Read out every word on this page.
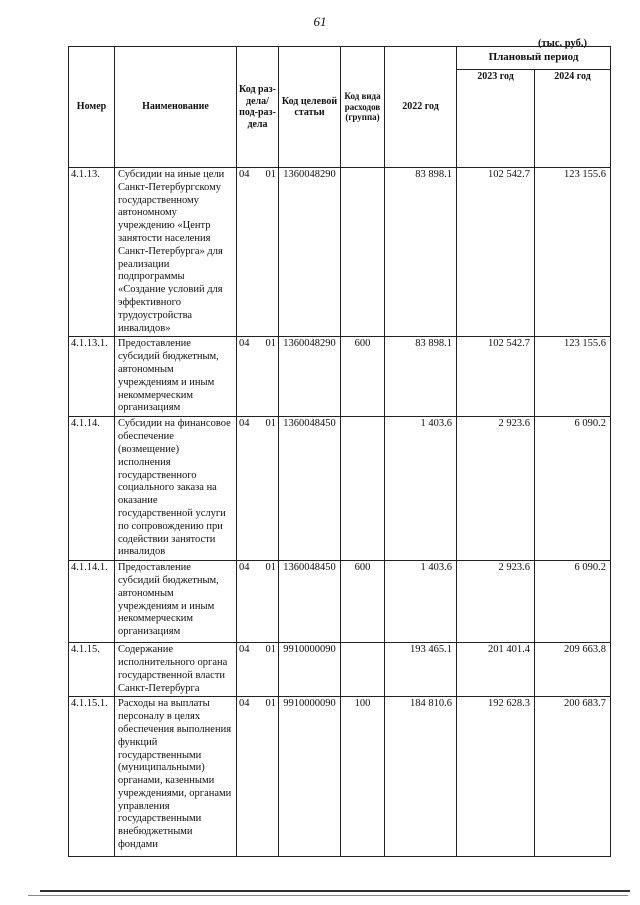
61
(тыс. руб.)
Номер	Наименование	Код раз-дела/ под-раз-дела	Код целевой статьи	Код вида расходов (группа)	2022 год	Плановый период	
						2023 год	2024 год
4.1.13.	Субсидии на иные цели Санкт-Петербургскому государственному автономному учреждению «Центр занятости населения Санкт-Петербурга» для реализации подпрограммы «Создание условий для эффективного трудоустройства инвалидов»	04 01	1360048290		83 898.1	102 542.7	123 155.6
4.1.13.1.	Предоставление субсидий бюджетным, автономным учреждениям и иным некоммерческим организациям	04 01	1360048290	600	83 898.1	102 542.7	123 155.6
4.1.14.	Субсидии на финансовое обеспечение (возмещение) исполнения государственного социального заказа на оказание государственной услуги по сопровождению при содействии занятости инвалидов	04 01	1360048450		1 403.6	2 923.6	6 090.2
4.1.14.1.	Предоставление субсидий бюджетным, автономным учреждениям и иным некоммерческим организациям	04 01	1360048450	600	1 403.6	2 923.6	6 090.2
4.1.15.	Содержание исполнительного органа государственной власти Санкт-Петербурга	04 01	9910000090		193 465.1	201 401.4	209 663.8
4.1.15.1.	Расходы на выплаты персоналу в целях обеспечения выполнения функций государственными (муниципальными) органами, казенными учреждениями, органами управления государственными внебюджетными фондами	04 01	9910000090	100	184 810.6	192 628.3	200 683.7
